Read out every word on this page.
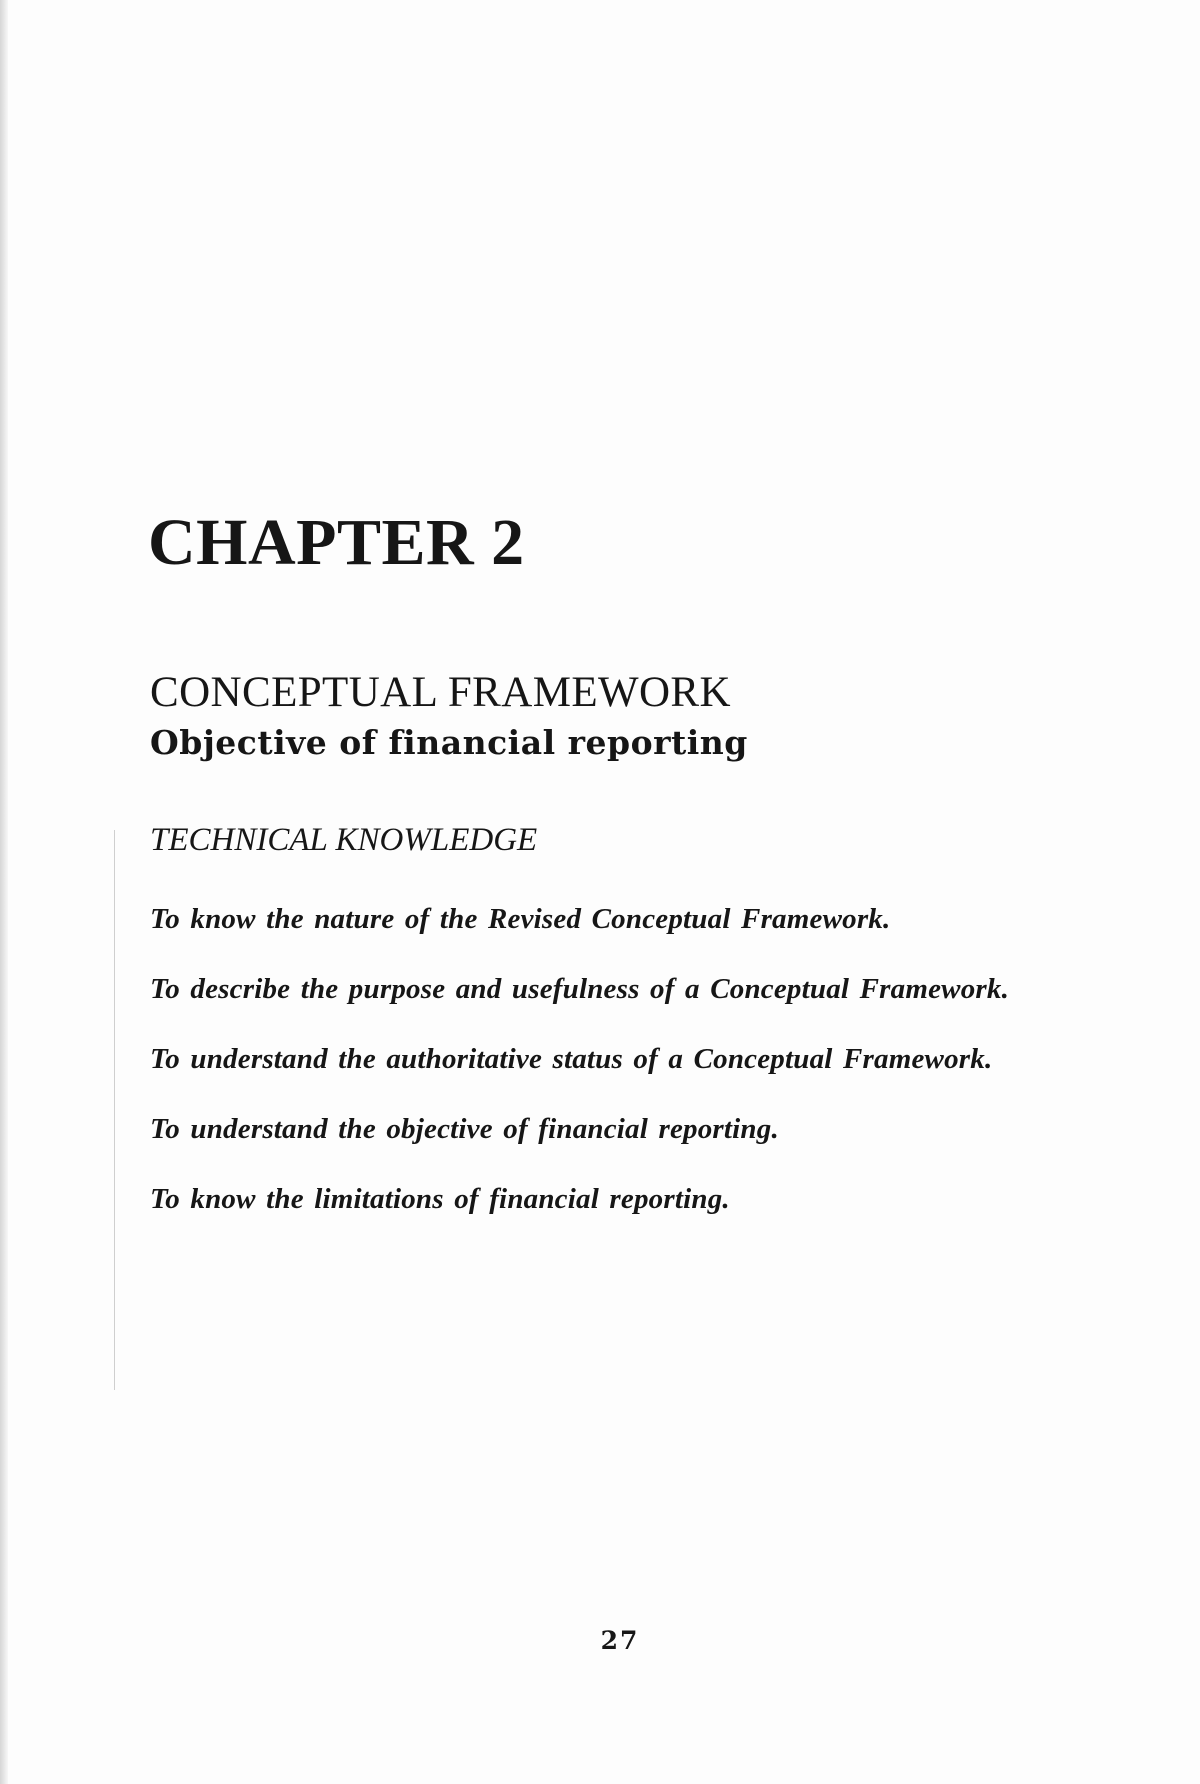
CHAPTER 2
CONCEPTUAL FRAMEWORK
Objective of financial reporting
TECHNICAL KNOWLEDGE
To know the nature of the Revised Conceptual Framework.
To describe the purpose and usefulness of a Conceptual Framework.
To understand the authoritative status of a Conceptual Framework.
To understand the objective of financial reporting.
To know the limitations of financial reporting.
27
